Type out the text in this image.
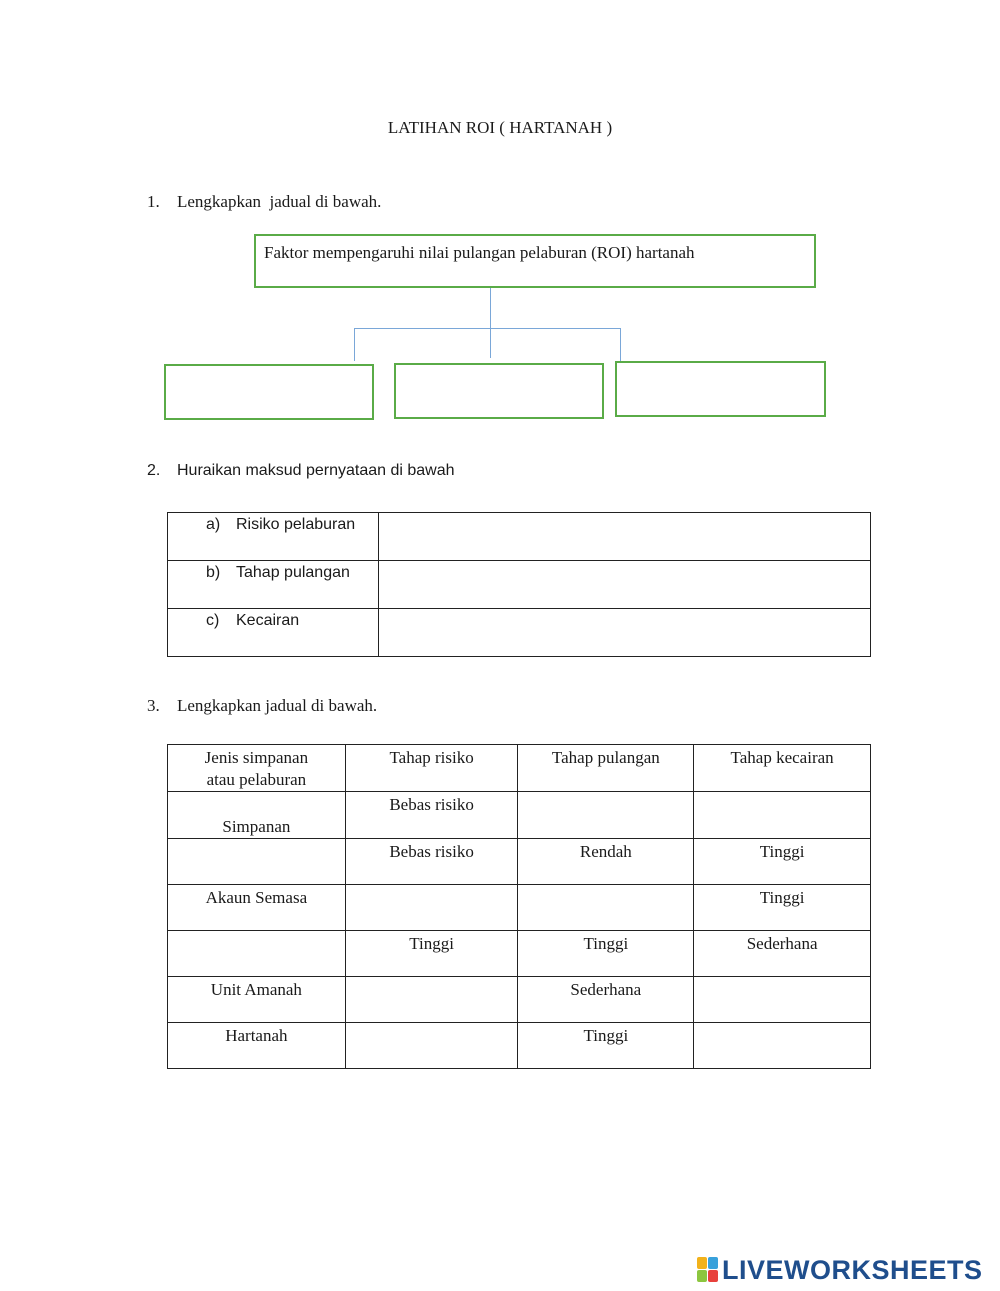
LATIHAN ROI ( HARTANAH )
1. Lengkapkan  jadual di bawah.
Faktor mempengaruhi nilai pulangan pelaburan (ROI) hartanah
2. Huraikan maksud pernyataan di bawah
a) Risiko pelaburan	
b) Tahap pulangan	
c) Kecairan	
3. Lengkapkan jadual di bawah.
Jenis simpanan
atau pelaburan	Tahap risiko	Tahap pulangan	Tahap kecairan

Simpanan	Bebas risiko		
	Bebas risiko	Rendah	Tinggi
Akaun Semasa			Tinggi
	Tinggi	Tinggi	Sederhana
Unit Amanah		Sederhana	
Hartanah		Tinggi	
LIVEWORKSHEETS
